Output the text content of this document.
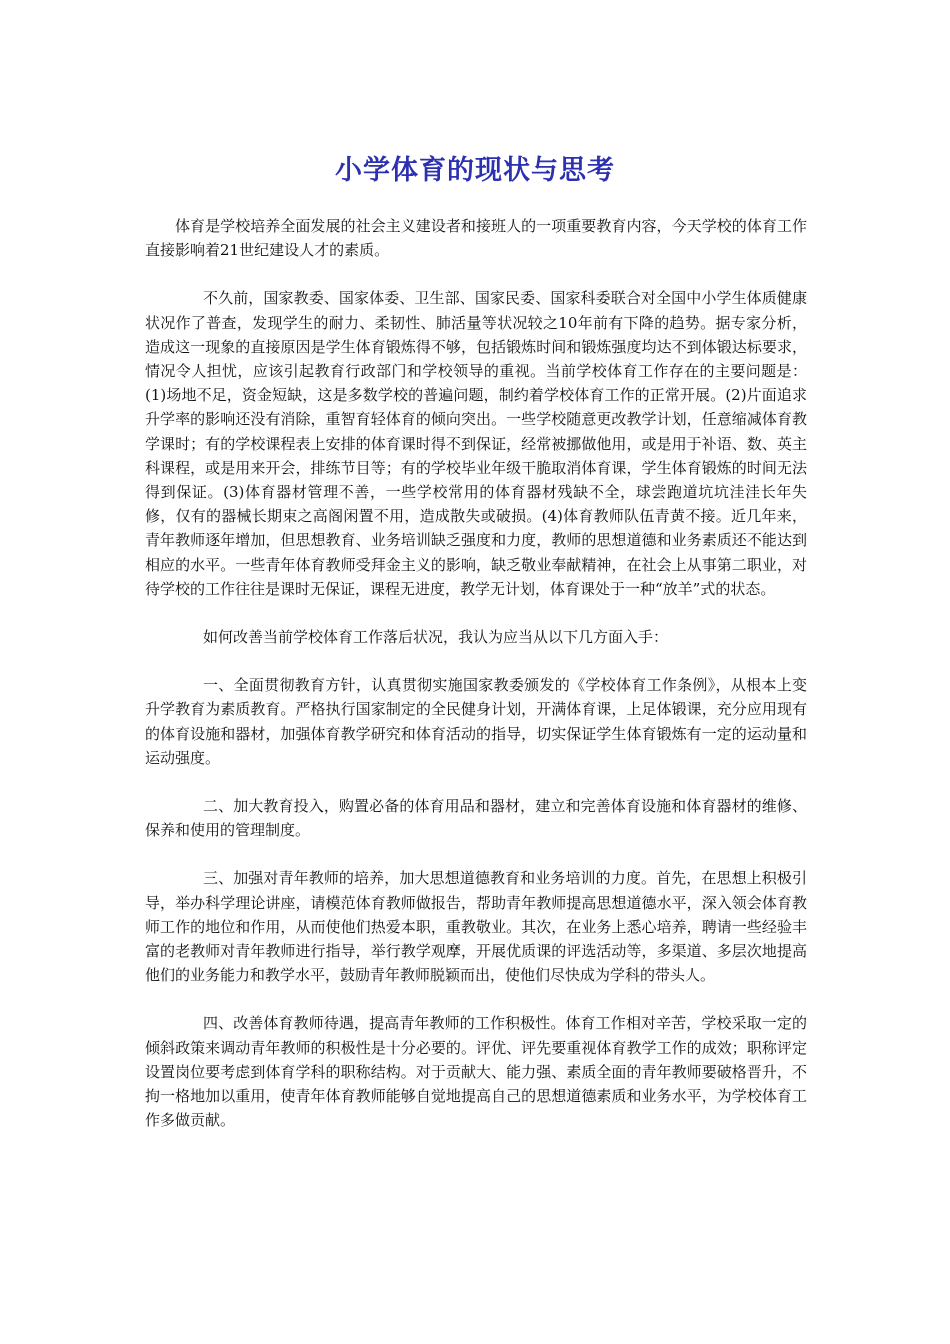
小学体育的现状与思考

体育是学校培养全面发展的社会主义建设者和接班人的一项重要教育内容，今天学校的体育工作直接影响着21世纪建设人才的素质。

不久前，国家教委、国家体委、卫生部、国家民委、国家科委联合对全国中小学生体质健康状况作了普查，发现学生的耐力、柔韧性、肺活量等状况较之10年前有下降的趋势。据专家分析，造成这一现象的直接原因是学生体育锻炼得不够，包括锻炼时间和锻炼强度均达不到体锻达标要求，情况令人担忧，应该引起教育行政部门和学校领导的重视。当前学校体育工作存在的主要问题是：(1)场地不足，资金短缺，这是多数学校的普遍问题，制约着学校体育工作的正常开展。(2)片面追求升学率的影响还没有消除，重智育轻体育的倾向突出。一些学校随意更改教学计划，任意缩减体育教学课时；有的学校课程表上安排的体育课时得不到保证，经常被挪做他用，或是用于补语、数、英主科课程，或是用来开会，排练节目等；有的学校毕业年级干脆取消体育课，学生体育锻炼的时间无法得到保证。(3)体育器材管理不善，一些学校常用的体育器材残缺不全，球尝跑道坑坑洼洼长年失修，仅有的器械长期束之高阁闲置不用，造成散失或破损。(4)体育教师队伍青黄不接。近几年来，青年教师逐年增加，但思想教育、业务培训缺乏强度和力度，教师的思想道德和业务素质还不能达到相应的水平。一些青年体育教师受拜金主义的影响，缺乏敬业奉献精神，在社会上从事第二职业，对待学校的工作往往是课时无保证，课程无进度，教学无计划，体育课处于一种“放羊”式的状态。

如何改善当前学校体育工作落后状况，我认为应当从以下几方面入手：

一、全面贯彻教育方针，认真贯彻实施国家教委颁发的《学校体育工作条例》，从根本上变升学教育为素质教育。严格执行国家制定的全民健身计划，开满体育课，上足体锻课，充分应用现有的体育设施和器材，加强体育教学研究和体育活动的指导，切实保证学生体育锻炼有一定的运动量和运动强度。

二、加大教育投入，购置必备的体育用品和器材，建立和完善体育设施和体育器材的维修、保养和使用的管理制度。

三、加强对青年教师的培养，加大思想道德教育和业务培训的力度。首先，在思想上积极引导，举办科学理论讲座，请模范体育教师做报告，帮助青年教师提高思想道德水平，深入领会体育教师工作的地位和作用，从而使他们热爱本职，重教敬业。其次，在业务上悉心培养，聘请一些经验丰富的老教师对青年教师进行指导，举行教学观摩，开展优质课的评选活动等，多渠道、多层次地提高他们的业务能力和教学水平，鼓励青年教师脱颖而出，使他们尽快成为学科的带头人。

四、改善体育教师待遇，提高青年教师的工作积极性。体育工作相对辛苦，学校采取一定的倾斜政策来调动青年教师的积极性是十分必要的。评优、评先要重视体育教学工作的成效；职称评定设置岗位要考虑到体育学科的职称结构。对于贡献大、能力强、素质全面的青年教师要破格晋升，不拘一格地加以重用，使青年体育教师能够自觉地提高自己的思想道德素质和业务水平，为学校体育工作多做贡献。
